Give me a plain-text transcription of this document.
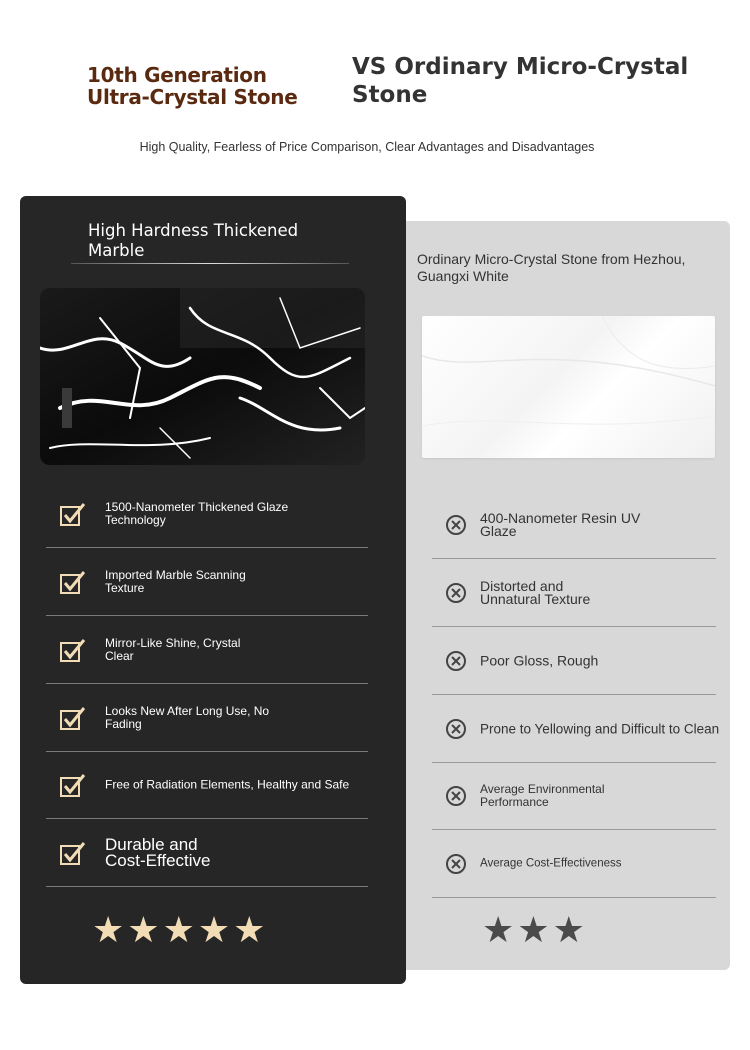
10th Generation
Ultra-Crystal Stone
VS Ordinary Micro-Crystal
Stone
High Quality, Fearless of Price Comparison, Clear Advantages and Disadvantages
Ordinary Micro-Crystal Stone from Hezhou,
Guangxi White
High Hardness Thickened
Marble
1500-Nanometer Thickened Glaze
Technology
Imported Marble Scanning
Texture
Mirror-Like Shine, Crystal
Clear
Looks New After Long Use, No
Fading
Free of Radiation Elements, Healthy and Safe
Durable and
Cost-Effective
★ ★ ★ ★ ★
400-Nanometer Resin UV
Glaze
Distorted and
Unnatural Texture
Poor Gloss, Rough
Prone to Yellowing and Difficult to Clean
Average Environmental
Performance
Average Cost-Effectiveness
★ ★ ★
